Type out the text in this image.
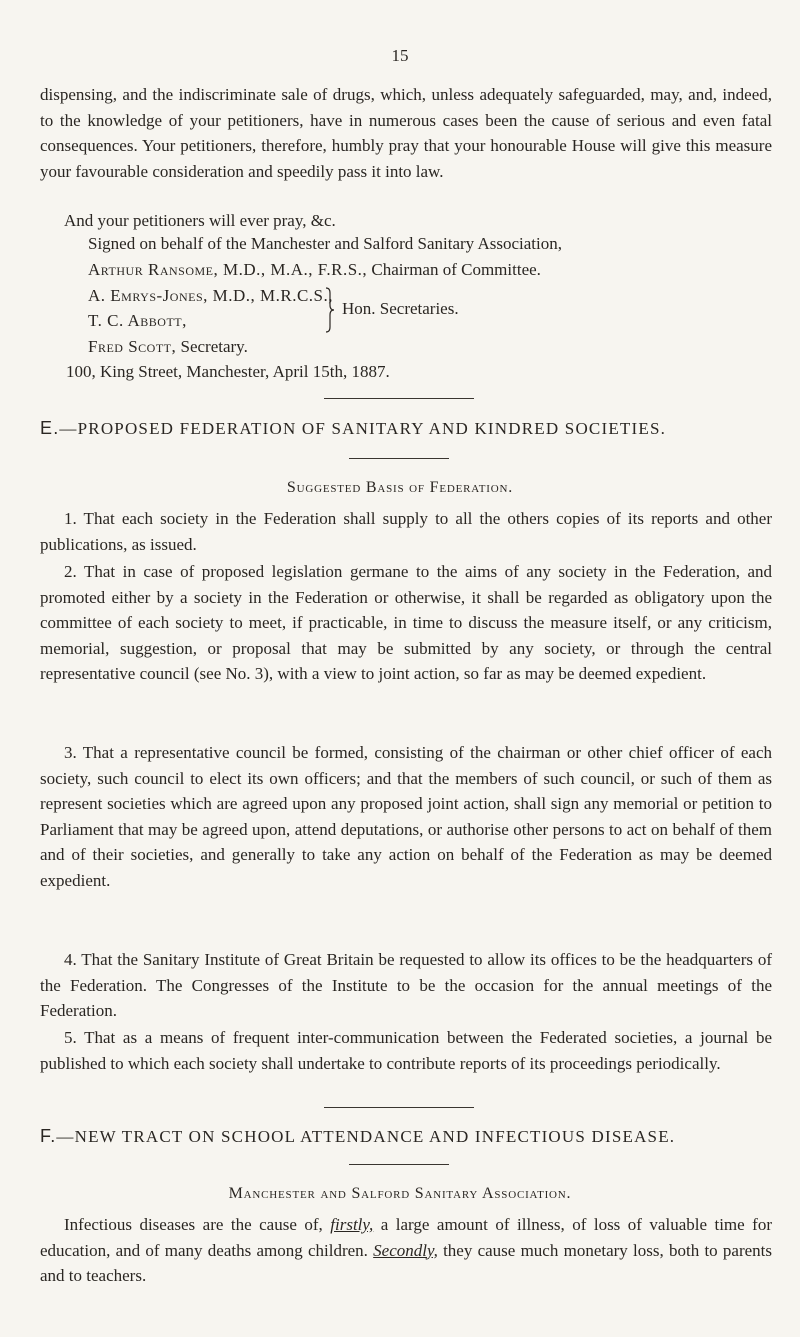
15
dispensing, and the indiscriminate sale of drugs, which, unless adequately safeguarded, may, and, indeed, to the knowledge of your petitioners, have in numerous cases been the cause of serious and even fatal consequences. Your petitioners, therefore, humbly pray that your honourable House will give this measure your favourable consideration and speedily pass it into law.
And your petitioners will ever pray, &c.
Signed on behalf of the Manchester and Salford Sanitary Association,
Arthur Ransome, M.D., M.A., F.R.S., Chairman of Committee.
A. Emrys-Jones, M.D., M.R.C.S.,
T. C. Abbott,
Hon. Secretaries.
Fred Scott, Secretary.
100, King Street, Manchester, April 15th, 1887.
E.—PROPOSED FEDERATION OF SANITARY AND KINDRED SOCIETIES.
Suggested Basis of Federation.
1. That each society in the Federation shall supply to all the others copies of its reports and other publications, as issued.
2. That in case of proposed legislation germane to the aims of any society in the Federation, and promoted either by a society in the Federation or otherwise, it shall be regarded as obligatory upon the committee of each society to meet, if practicable, in time to discuss the measure itself, or any criticism, memorial, suggestion, or proposal that may be submitted by any society, or through the central representative council (see No. 3), with a view to joint action, so far as may be deemed expedient.
3. That a representative council be formed, consisting of the chairman or other chief officer of each society, such council to elect its own officers; and that the members of such council, or such of them as represent societies which are agreed upon any proposed joint action, shall sign any memorial or petition to Parliament that may be agreed upon, attend deputations, or authorise other persons to act on behalf of them and of their societies, and generally to take any action on behalf of the Federation as may be deemed expedient.
4. That the Sanitary Institute of Great Britain be requested to allow its offices to be the headquarters of the Federation. The Congresses of the Institute to be the occasion for the annual meetings of the Federation.
5. That as a means of frequent inter-communication between the Federated societies, a journal be published to which each society shall undertake to contribute reports of its proceedings periodically.
F.—NEW TRACT ON SCHOOL ATTENDANCE AND INFECTIOUS DISEASE.
Manchester and Salford Sanitary Association.
Infectious diseases are the cause of, firstly, a large amount of illness, of loss of valuable time for education, and of many deaths among children. Secondly, they cause much monetary loss, both to parents and to teachers.
